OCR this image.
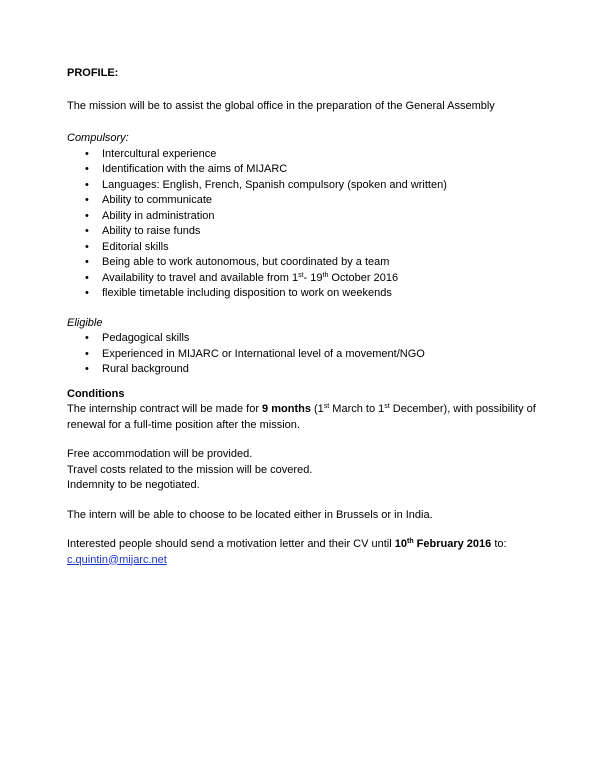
PROFILE:

The mission will be to assist the global office in the preparation of the General Assembly

Compulsory:

• Intercultural experience
• Identification with the aims of MIJARC
• Languages: English, French, Spanish compulsory (spoken and written)
• Ability to communicate
• Ability in administration
• Ability to raise funds
• Editorial skills
• Being able to work autonomous, but coordinated by a team
• Availability to travel and available from 1st- 19th October 2016
• flexible timetable including disposition to work on weekends

Eligible

• Pedagogical skills
• Experienced in MIJARC or International level of a movement/NGO
• Rural background

Conditions

The internship contract will be made for 9 months (1st March to 1st December), with possibility of renewal for a full-time position after the mission.

Free accommodation will be provided.

Travel costs related to the mission will be covered.

Indemnity to be negotiated.

The intern will be able to choose to be located either in Brussels or in India.

Interested people should send a motivation letter and their CV until 10th February 2016 to:

c.quintin@mijarc.net
